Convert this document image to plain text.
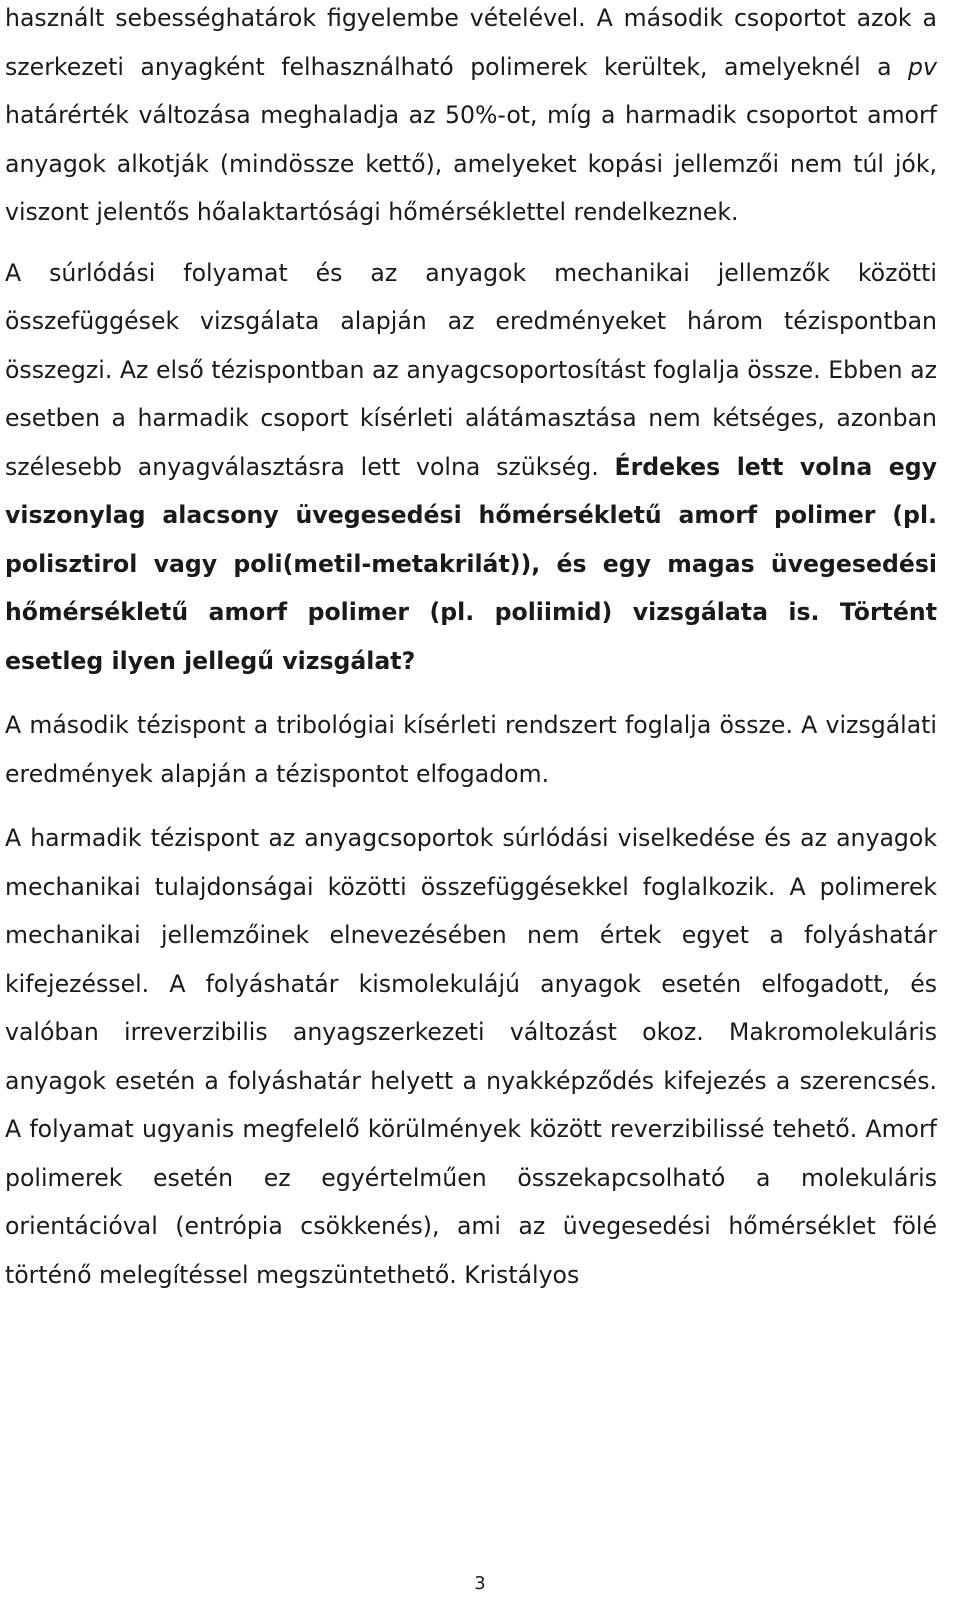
használt sebességhatárok figyelembe vételével. A második csoportot azok a szerkezeti anyagként felhasználható polimerek kerültek, amelyeknél a pv határérték változása meghaladja az 50%-ot, míg a harmadik csoportot amorf anyagok alkotják (mindössze kettő), amelyeket kopási jellemzői nem túl jók, viszont jelentős hőalaktartósági hőmérséklettel rendelkeznek.

A súrlódási folyamat és az anyagok mechanikai jellemzők közötti összefüggések vizsgálata alapján az eredményeket három tézispontban összegzi. Az első tézispontban az anyagcsoportosítást foglalja össze. Ebben az esetben a harmadik csoport kísérleti alátámasztása nem kétséges, azonban szélesebb anyagválasztásra lett volna szükség. Érdekes lett volna egy viszonylag alacsony üvegesedési hőmérsékletű amorf polimer (pl. polisztirol vagy poli(metil-metakrilát)), és egy magas üvegesedési hőmérsékletű amorf polimer (pl. poliimid) vizsgálata is. Történt esetleg ilyen jellegű vizsgálat?

A második tézispont a tribológiai kísérleti rendszert foglalja össze. A vizsgálati eredmények alapján a tézispontot elfogadom.

A harmadik tézispont az anyagcsoportok súrlódási viselkedése és az anyagok mechanikai tulajdonságai közötti összefüggésekkel foglalkozik. A polimerek mechanikai jellemzőinek elnevezésében nem értek egyet a folyáshatár kifejezéssel. A folyáshatár kismolekulájú anyagok esetén elfogadott, és valóban irreverzibilis anyagszerkezeti változást okoz. Makromolekuláris anyagok esetén a folyáshatár helyett a nyakképződés kifejezés a szerencsés. A folyamat ugyanis megfelelő körülmények között reverzibilissé tehető. Amorf polimerek esetén ez egyértelműen összekapcsolható a molekuláris orientációval (entrópia csökkenés), ami az üvegesedési hőmérséklet fölé történő melegítéssel megszüntethető. Kristályos

3
